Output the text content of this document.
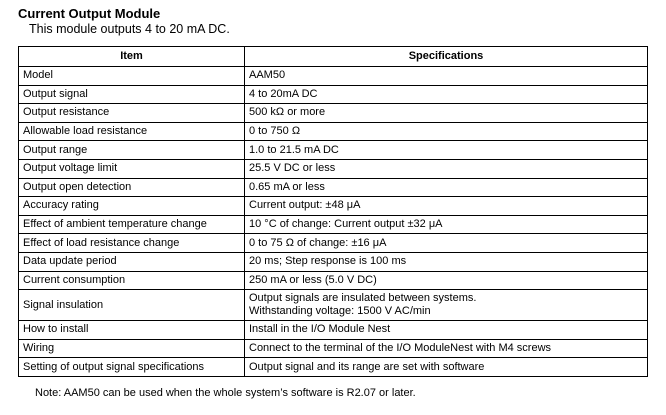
Current Output Module
This module outputs 4 to 20 mA DC.
Item	Specifications
Model	AAM50

Output signal	4 to 20mA DC

Output resistance	500 kΩ or more

Allowable load resistance	0 to 750 Ω

Output range	1.0 to 21.5 mA DC

Output voltage limit	25.5 V DC or less

Output open detection	0.65 mA or less

Accuracy rating	Current output: ±48 μA

Effect of ambient temperature change	10 °C of change: Current output ±32 μA

Effect of load resistance change	0 to 75 Ω of change: ±16 μA

Data update period	20 ms; Step response is 100 ms

Current consumption	250 mA or less (5.0 V DC)

Signal insulation	Output signals are insulated between systems.
Withstanding voltage: 1500 V AC/min

How to install	Install in the I/O Module Nest

Wiring	Connect to the terminal of the I/O ModuleNest with M4 screws

Setting of output signal specifications	Output signal and its range are set with software
Note: AAM50 can be used when the whole system’s software is R2.07 or later.
